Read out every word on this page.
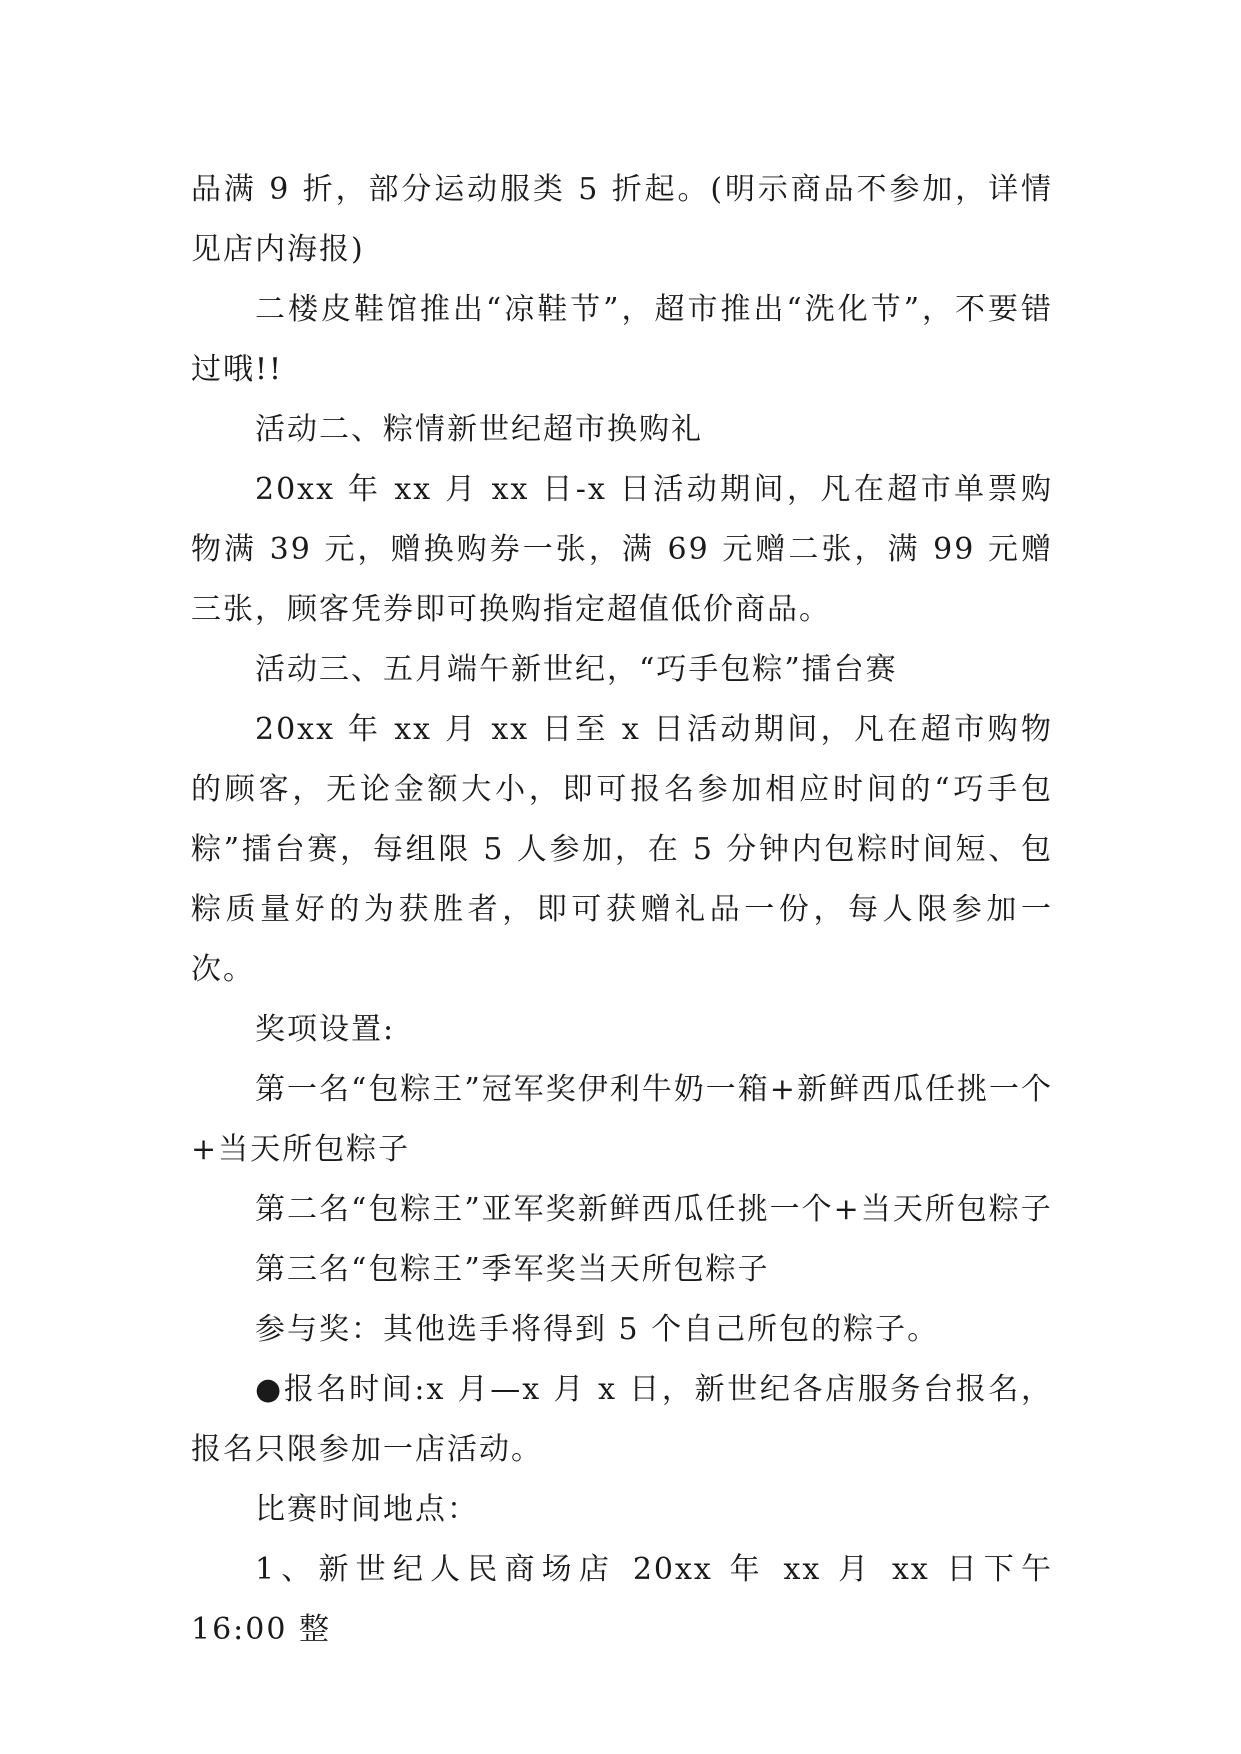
品满 9 折，部分运动服类 5 折起。(明示商品不参加，详情见店内海报)

二楼皮鞋馆推出“凉鞋节”，超市推出“洗化节”，不要错过哦!!

活动二、粽情新世纪超市换购礼

20xx 年 xx 月 xx 日-x 日活动期间，凡在超市单票购物满 39 元，赠换购券一张，满 69 元赠二张，满 99 元赠三张，顾客凭券即可换购指定超值低价商品。

活动三、五月端午新世纪，“巧手包粽”擂台赛

20xx 年 xx 月 xx 日至 x 日活动期间，凡在超市购物的顾客，无论金额大小，即可报名参加相应时间的“巧手包粽”擂台赛，每组限 5 人参加，在 5 分钟内包粽时间短、包粽质量好的为获胜者，即可获赠礼品一份，每人限参加一次。

奖项设置:

第一名“包粽王”冠军奖伊利牛奶一箱+新鲜西瓜任挑一个+当天所包粽子

第二名“包粽王”亚军奖新鲜西瓜任挑一个+当天所包粽子

第三名“包粽王”季军奖当天所包粽子

参与奖：其他选手将得到 5 个自己所包的粽子。

●报名时间:x 月—x 月 x 日，新世纪各店服务台报名，报名只限参加一店活动。

比赛时间地点：

1、新世纪人民商场店 20xx 年 xx 月 xx 日下午 16:00 整
